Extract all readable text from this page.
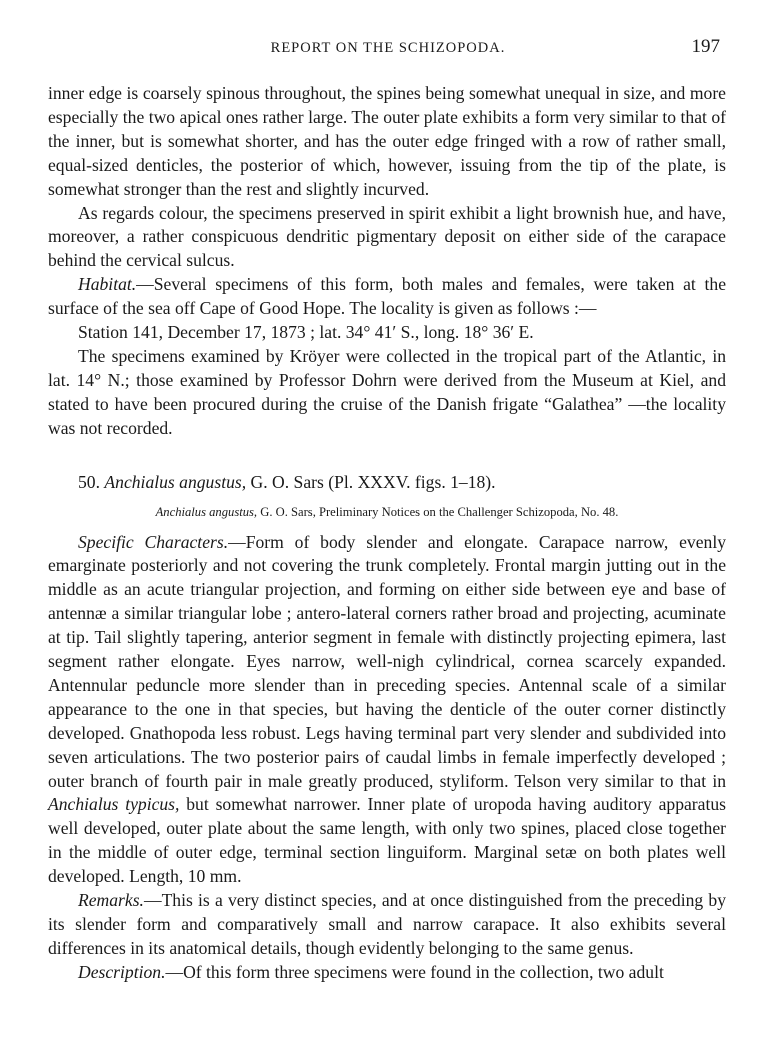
REPORT ON THE SCHIZOPODA.	197

inner edge is coarsely spinous throughout, the spines being somewhat unequal in size, and more especially the two apical ones rather large. The outer plate exhibits a form very similar to that of the inner, but is somewhat shorter, and has the outer edge fringed with a row of rather small, equal-sized denticles, the posterior of which, however, issuing from the tip of the plate, is somewhat stronger than the rest and slightly incurved.

As regards colour, the specimens preserved in spirit exhibit a light brownish hue, and have, moreover, a rather conspicuous dendritic pigmentary deposit on either side of the carapace behind the cervical sulcus.

Habitat.—Several specimens of this form, both males and females, were taken at the surface of the sea off Cape of Good Hope. The locality is given as follows :—

Station 141, December 17, 1873 ; lat. 34° 41′ S., long. 18° 36′ E.

The specimens examined by Kröyer were collected in the tropical part of the Atlantic, in lat. 14° N.; those examined by Professor Dohrn were derived from the Museum at Kiel, and stated to have been procured during the cruise of the Danish frigate “Galathea” —the locality was not recorded.

50. Anchialus angustus, G. O. Sars (Pl. XXXV. figs. 1–18).

Anchialus angustus, G. O. Sars, Preliminary Notices on the Challenger Schizopoda, No. 48.

Specific Characters.—Form of body slender and elongate. Carapace narrow, evenly emarginate posteriorly and not covering the trunk completely. Frontal margin jutting out in the middle as an acute triangular projection, and forming on either side between eye and base of antennæ a similar triangular lobe ; antero-lateral corners rather broad and projecting, acuminate at tip. Tail slightly tapering, anterior segment in female with distinctly projecting epimera, last segment rather elongate. Eyes narrow, well-nigh cylindrical, cornea scarcely expanded. Antennular peduncle more slender than in preceding species. Antennal scale of a similar appearance to the one in that species, but having the denticle of the outer corner distinctly developed. Gnathopoda less robust. Legs having terminal part very slender and subdivided into seven articulations. The two posterior pairs of caudal limbs in female imperfectly developed ; outer branch of fourth pair in male greatly produced, styliform. Telson very similar to that in Anchialus typicus, but somewhat narrower. Inner plate of uropoda having auditory apparatus well developed, outer plate about the same length, with only two spines, placed close together in the middle of outer edge, terminal section linguiform. Marginal setæ on both plates well developed. Length, 10 mm.

Remarks.—This is a very distinct species, and at once distinguished from the preceding by its slender form and comparatively small and narrow carapace. It also exhibits several differences in its anatomical details, though evidently belonging to the same genus.

Description.—Of this form three specimens were found in the collection, two adult
